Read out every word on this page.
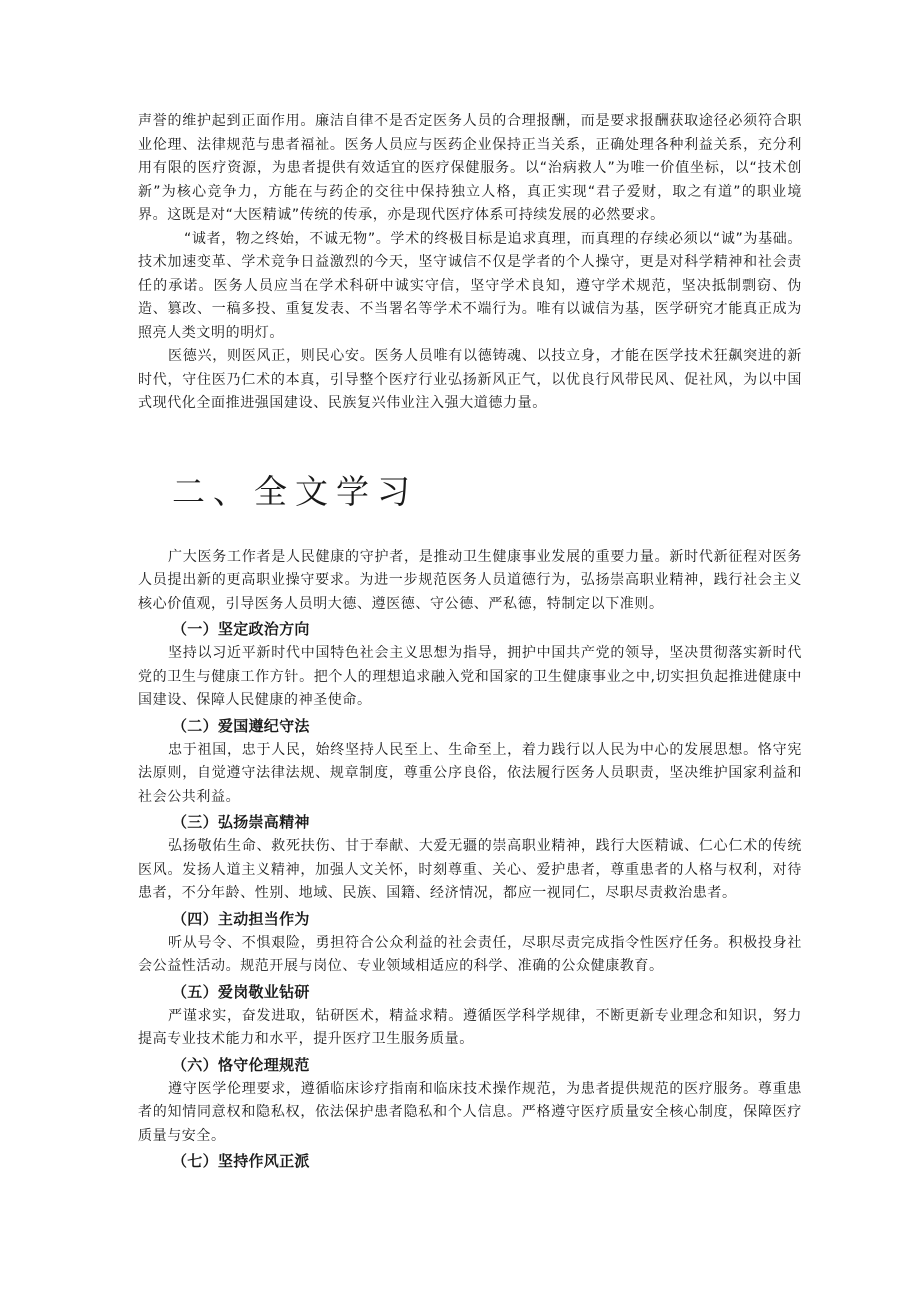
声誉的维护起到正面作用。廉洁自律不是否定医务人员的合理报酬，而是要求报酬获取途径必须符合职业伦理、法律规范与患者福祉。医务人员应与医药企业保持正当关系，正确处理各种利益关系，充分利用有限的医疗资源，为患者提供有效适宜的医疗保健服务。以“治病救人”为唯一价值坐标，以“技术创新”为核心竞争力，方能在与药企的交往中保持独立人格，真正实现“君子爱财，取之有道”的职业境界。这既是对“大医精诚”传统的传承，亦是现代医疗体系可持续发展的必然要求。

“诚者，物之终始，不诚无物”。学术的终极目标是追求真理，而真理的存续必须以“诚”为基础。技术加速变革、学术竞争日益激烈的今天，坚守诚信不仅是学者的个人操守，更是对科学精神和社会责任的承诺。医务人员应当在学术科研中诚实守信，坚守学术良知，遵守学术规范，坚决抵制剽窃、伪造、篡改、一稿多投、重复发表、不当署名等学术不端行为。唯有以诚信为基，医学研究才能真正成为照亮人类文明的明灯。

医德兴，则医风正，则民心安。医务人员唯有以德铸魂、以技立身，才能在医学技术狂飙突进的新时代，守住医乃仁术的本真，引导整个医疗行业弘扬新风正气，以优良行风带民风、促社风，为以中国式现代化全面推进强国建设、民族复兴伟业注入强大道德力量。

二、全文学习

广大医务工作者是人民健康的守护者，是推动卫生健康事业发展的重要力量。新时代新征程对医务人员提出新的更高职业操守要求。为进一步规范医务人员道德行为，弘扬崇高职业精神，践行社会主义核心价值观，引导医务人员明大德、遵医德、守公德、严私德，特制定以下准则。

（一）坚定政治方向

坚持以习近平新时代中国特色社会主义思想为指导，拥护中国共产党的领导，坚决贯彻落实新时代党的卫生与健康工作方针。把个人的理想追求融入党和国家的卫生健康事业之中,切实担负起推进健康中国建设、保障人民健康的神圣使命。

（二）爱国遵纪守法

忠于祖国，忠于人民，始终坚持人民至上、生命至上，着力践行以人民为中心的发展思想。恪守宪法原则，自觉遵守法律法规、规章制度，尊重公序良俗，依法履行医务人员职责，坚决维护国家利益和社会公共利益。

（三）弘扬崇高精神

弘扬敬佑生命、救死扶伤、甘于奉献、大爱无疆的崇高职业精神，践行大医精诚、仁心仁术的传统医风。发扬人道主义精神，加强人文关怀，时刻尊重、关心、爱护患者，尊重患者的人格与权利，对待患者，不分年龄、性别、地域、民族、国籍、经济情况，都应一视同仁，尽职尽责救治患者。

（四）主动担当作为

听从号令、不惧艰险，勇担符合公众利益的社会责任，尽职尽责完成指令性医疗任务。积极投身社会公益性活动。规范开展与岗位、专业领域相适应的科学、准确的公众健康教育。

（五）爱岗敬业钻研

严谨求实，奋发进取，钻研医术，精益求精。遵循医学科学规律，不断更新专业理念和知识，努力提高专业技术能力和水平，提升医疗卫生服务质量。

（六）恪守伦理规范

遵守医学伦理要求，遵循临床诊疗指南和临床技术操作规范，为患者提供规范的医疗服务。尊重患者的知情同意权和隐私权，依法保护患者隐私和个人信息。严格遵守医疗质量安全核心制度，保障医疗质量与安全。

（七）坚持作风正派
